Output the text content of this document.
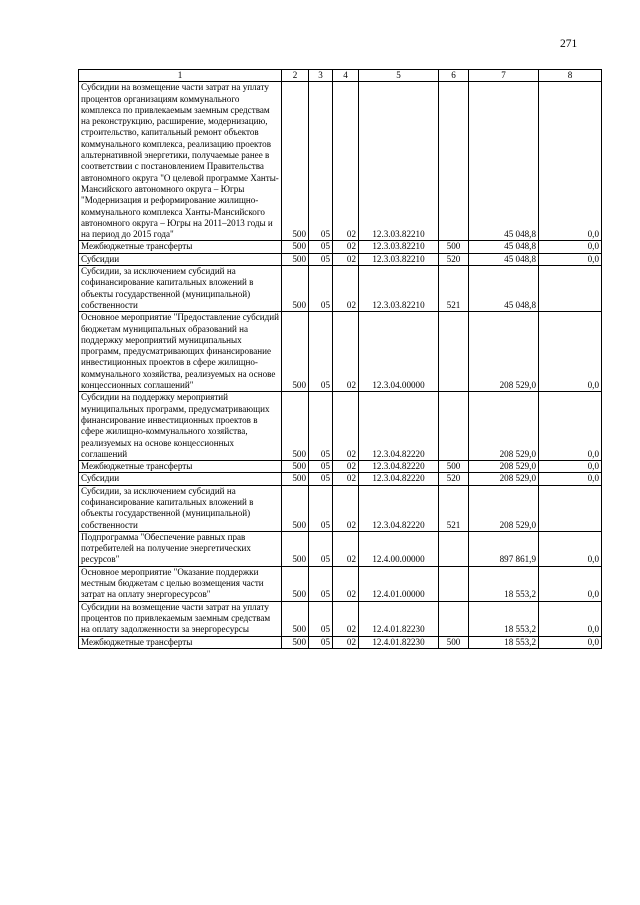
271
1	2	3	4	5	6	7	8
Субсидии на возмещение части затрат на уплату процентов организациям коммунального комплекса по привлекаемым заемным средствам на реконструкцию, расширение, модернизацию, строительство, капитальный ремонт объектов коммунального комплекса, реализацию проектов альтернативной энергетики, получаемые ранее в соответствии с постановлением Правительства автономного округа "О целевой программе Ханты-Мансийского автономного округа – Югры "Модернизация и реформирование жилищно-коммунального комплекса Ханты-Мансийского автономного округа – Югры на 2011–2013 годы и на период до 2015 года"	500	05	02	12.3.03.82210		45 048,8	0,0
Межбюджетные трансферты	500	05	02	12.3.03.82210	500	45 048,8	0,0
Субсидии	500	05	02	12.3.03.82210	520	45 048,8	0,0
Субсидии, за исключением субсидий на софинансирование капитальных вложений в объекты государственной (муниципальной) собственности	500	05	02	12.3.03.82210	521	45 048,8	
Основное мероприятие "Предоставление субсидий бюджетам муниципальных образований на поддержку мероприятий муниципальных программ, предусматривающих финансирование инвестиционных проектов в сфере жилищно-коммунального хозяйства, реализуемых на основе концессионных соглашений"	500	05	02	12.3.04.00000		208 529,0	0,0
Субсидии на поддержку мероприятий муниципальных программ, предусматривающих финансирование инвестиционных проектов в сфере жилищно-коммунального хозяйства, реализуемых на основе концессионных соглашений	500	05	02	12.3.04.82220		208 529,0	0,0
Межбюджетные трансферты	500	05	02	12.3.04.82220	500	208 529,0	0,0
Субсидии	500	05	02	12.3.04.82220	520	208 529,0	0,0
Субсидии, за исключением субсидий на софинансирование капитальных вложений в объекты государственной (муниципальной) собственности	500	05	02	12.3.04.82220	521	208 529,0	
Подпрограмма "Обеспечение равных прав потребителей на получение энергетических ресурсов"	500	05	02	12.4.00.00000		897 861,9	0,0
Основное мероприятие "Оказание поддержки местным бюджетам с целью возмещения части затрат на оплату энергоресурсов"	500	05	02	12.4.01.00000		18 553,2	0,0
Субсидии на возмещение части затрат на уплату процентов по привлекаемым заемным средствам на оплату задолженности за энергоресурсы	500	05	02	12.4.01.82230		18 553,2	0,0
Межбюджетные трансферты	500	05	02	12.4.01.82230	500	18 553,2	0,0
